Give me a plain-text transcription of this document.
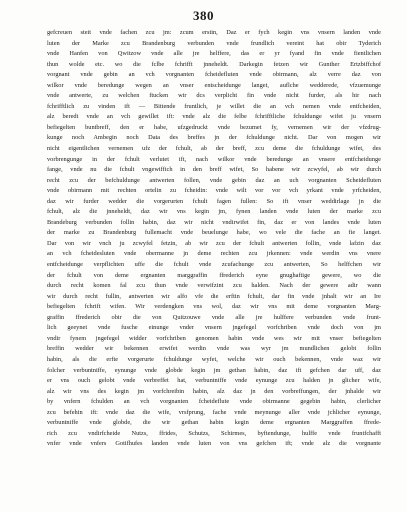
380

gefcreuen steit vnde fachen zcu jm: zcum erstin, Daz er fych kegin vns vnsern landen vnde

luten der Marke zcu Brandenburg verbunden vnde frundlich vereint hat obir Tyderich

vnde Hanfen von Qwitzow vnde alle jre helffere, das er yr fyand fin vnde fientlichen

thun wolde etc. wo die fclbe fchrifft jnneheldt. Darkegin fetzen wir Gunther Ertzbiffchof

vorgnant vnde gebin an vch vorgnanten fcheidefluten vnde obirmann, alz verre daz von

wilkor vnde beredunge wegen an vnser entscheidunge langet, auflche wedderede, vfzuemunge

vnde antwerte, zu welchen ftucken wir dcs verplicht fin vnde nicht furder, als hir nach

fchrifftlich zu vinden ift — Bittende fruntlich, je willet die an vch nemen vnde entfcheiden,

alz beredt vnde an vch gewillet ift: vnde alz die felbe fchrifftliche fchuldunge wifet ju vnsern

befiegelten buntbreff, den er habe, ufzgedruckt vnde bezumet fy, vernemen wir der vfzdrug-

kunge noch Ambegin noch Data des breffes jn der fchuldunge nicht. Dar von mogen wir

nicht eigentlichen vernemen ufz der fchult, ab der breff, zcu deme die fchuldunge wifet, des

vorbrengunge in der fchult verlutet ift, nach wilkor vnde beredunge an vnsere entfcheidunge

fange, vnde nu die fchult vngewiffich in den breff wifet, So habene wir zcwyfel, ab wir durch

recht zcu der befchuldunge antwerten follen, vnde gebin daz an uch vorgnanten Scheidefluten

vnde obirmann mit rechten ortelin zu fcheidin: vnde wilt vor vor vch yrkant vnde yrfcheiden,

daz wir furder wedder die vorgerurten fchult fagen fullen: So ift vnser weddirlage jn die

fchult, alz die jnneheldt, daz wir vns kegin jm, fynen landen vnde luten der marke zcu

Brandeburg verbunden follin habin, daz wir nicht vndirwifet fin, daz er von landes vnde luten

der marke zu Brandenburg fullemacht vnde beuelunge habe, wo vele die fache an fie langet.

Dar von wir vnch ju zcwyfel fetzin, ab wir zcu der fchult antwerten follin, vnde lafzin daz

an vch fcheidesluten vnde obermanne jn deme rechten zcu jrkennen: vnde werdin vns vnere

entfcheidunge verpflichten uffe die fchult vnde zcufachunge zcu antwerten, So helffchen wir

der fchult von deme ergnanten marggraffin ffrederich eyne gnughaftige gewere, wo die

durch recht komen fal zcu thun vnde verwifzint zcu halden. Nach der gewere adir wann

wir durch recht fullin, antwerten wir alfo vfe die erftin fchult, dar fin vnde jnhalt wir an Ire

befiegelten fchrift wifen. Wir verdengken vns wol, daz wir vns mit deme vorgnanten Marg-

graffin ffrederich obir die von Quitzouwe vnde alle jre hulffere verbunden vnde frunt-

lich geeynet vnde fusche einunge vnder vnsern jngefegel vorfchriben vnde doch von jm

vndir fynem jngefegel widder vorfchriben genomen habin vnde wes wir mit vnser befiegelten

breffin wedder wir bekennen erwifet werdin vnde was wyr jm mundlichen gelobt follin

habin, als die erfte vorgerurte fchuldunge wyfet, welche wir ouch bekennen, vnde waz wir

folcher verbuntniffe, eynunge vnde globde kegin jm gethan habin, daz ift gefchen dar uff, daz

er vns ouch gelobt vnde verbreffet hat, verbuntniffe vnde eynunge zcu halden jn glicher wife,

alz wir vns des kegin jm vorfchreibin habin, alz daz jn den vorbreffungen, der jnhalde wir

by vnfern fchulden an vch vorgnanten fcheideflute vnde obirmanne gegebin habin, clerlicher

zcu befehin ift: vnde daz die wife, vrsfprung, fache vnde meynunge aller vnde jchlicher eynunge,

verbuntniffe vnde globde, die wir gethan habin kegin deme ergnanten Marggraffen ffrede-

rich zcu vndirfcheide Nutzs, ffrides, Schutzs, Schirmes, byftendunge, hulffe vnde fruntfchafft

vnfer vnde vnfers Gotifhufes landen vnde luten von vns gefchen ift; vnde alz die vorgnante
